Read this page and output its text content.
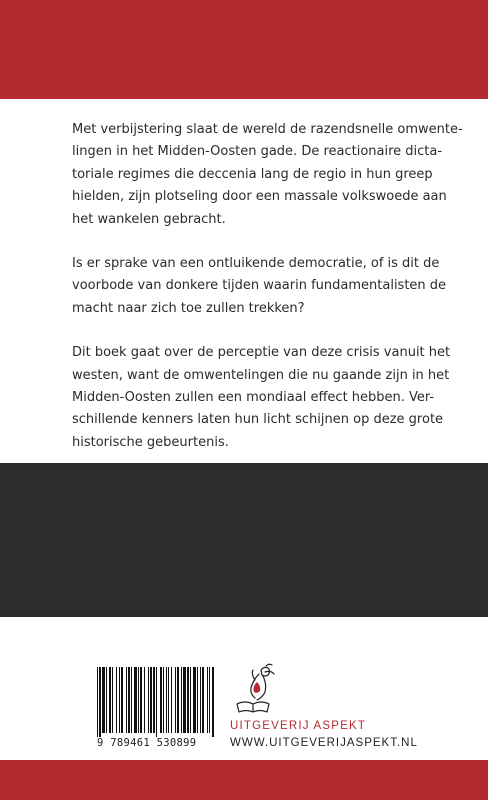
Met verbijstering slaat de wereld de razendsnelle omwente-
lingen in het Midden-Oosten gade. De reactionaire dicta-
toriale regimes die deccenia lang de regio in hun greep
hielden, zijn plotseling door een massale volkswoede aan
het wankelen gebracht.

Is er sprake van een ontluikende democratie, of is dit de
voorbode van donkere tijden waarin fundamentalisten de
macht naar zich toe zullen trekken?

Dit boek gaat over de perceptie van deze crisis vanuit het
westen, want de omwentelingen die nu gaande zijn in het
Midden-Oosten zullen een mondiaal effect hebben. Ver-
schillende kenners laten hun licht schijnen op deze grote
historische gebeurtenis.

9 789461 530899
UITGEVERIJ ASPEKT
WWW.UITGEVERIJASPEKT.NL
